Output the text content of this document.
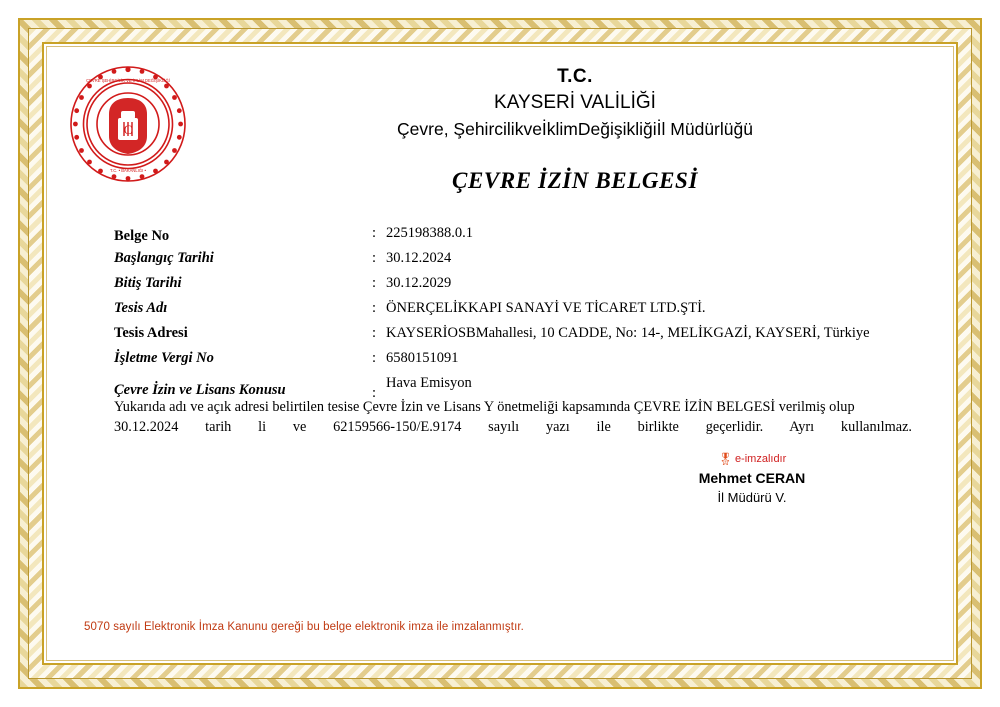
C
ÇEVRE ŞEHİRCİLİK VE İKLİM DEĞİŞİKLİĞİ
T.C. • BAKANLIĞI •
T.C.
KAYSERİ VALİLİĞİ
Çevre, ŞehircilikveİklimDeğişikliğiİl Müdürlüğü
ÇEVRE İZİN BELGESİ
Belge No	: 225198388.0.1
Başlangıç Tarihi	: 30.12.2024
Bitiş Tarihi	: 30.12.2029
Tesis Adı	: ÖNERÇELİKKAPI SANAYİ VE TİCARET LTD.ŞTİ.
Tesis Adresi	: KAYSERİOSBMahallesi, 10 CADDE, No: 14-, MELİKGAZİ, KAYSERİ, Türkiye
İşletme Vergi No	: 6580151091
Çevre İzin ve Lisans Konusu	:
Hava Emisyon
Yukarıda adı ve açık adresi belirtilen tesise Çevre İzin ve Lisans Y önetmeliği kapsamında ÇEVRE İZİN BELGESİ verilmiş olup
30.12.2024 tarih li ve 62159566-150/E.9174 sayılı yazı ile birlikte geçerlidir. Ayrı kullanılmaz.
🎖 e-imzalıdır
Mehmet CERAN
İl Müdürü V.
5070 sayılı Elektronik İmza Kanunu gereği bu belge elektronik imza ile imzalanmıştır.
